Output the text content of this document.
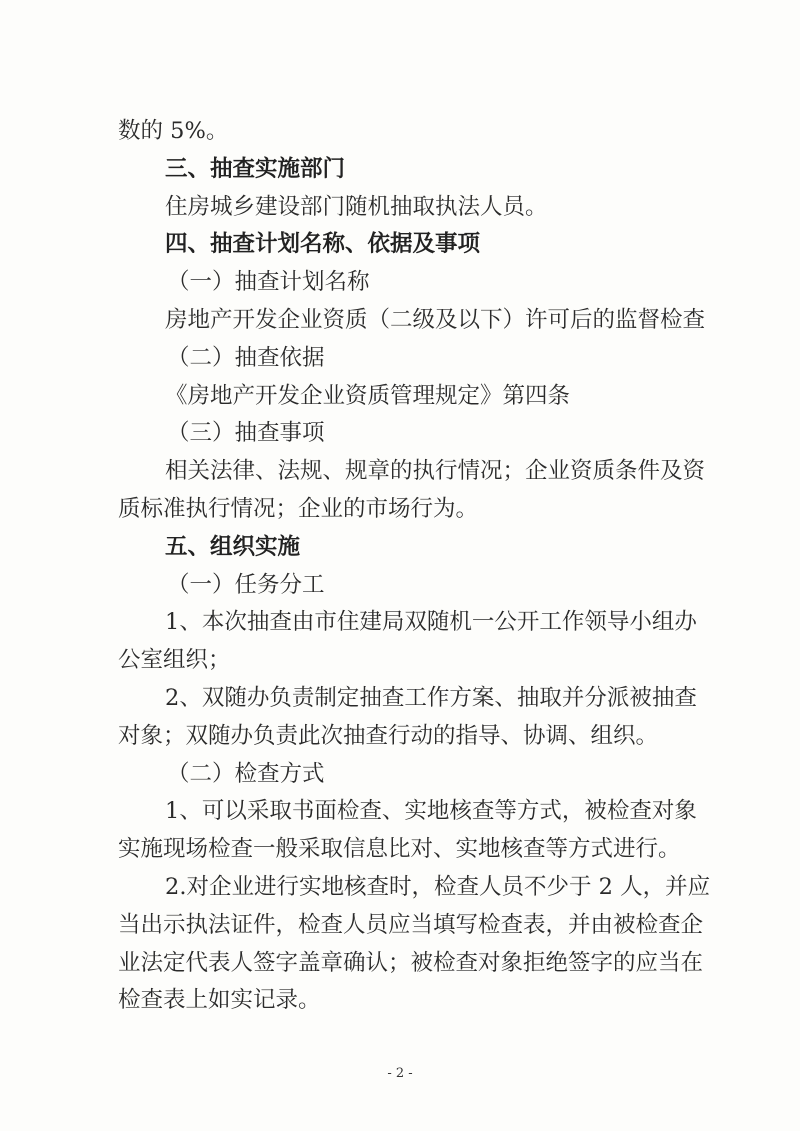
数的 5%。
三、抽查实施部门
住房城乡建设部门随机抽取执法人员。
四、抽查计划名称、依据及事项
（一）抽查计划名称
房地产开发企业资质（二级及以下）许可后的监督检查
（二）抽查依据
《房地产开发企业资质管理规定》第四条
（三）抽查事项
相关法律、法规、规章的执行情况；企业资质条件及资
质标准执行情况；企业的市场行为。
五、组织实施
（一）任务分工
1、本次抽查由市住建局双随机一公开工作领导小组办
公室组织；
2、双随办负责制定抽查工作方案、抽取并分派被抽查
对象；双随办负责此次抽查行动的指导、协调、组织。
（二）检查方式
1、可以采取书面检查、实地核查等方式，被检查对象
实施现场检查一般采取信息比对、实地核查等方式进行。
2.对企业进行实地核查时，检查人员不少于 2 人，并应
当出示执法证件，检查人员应当填写检查表，并由被检查企
业法定代表人签字盖章确认；被检查对象拒绝签字的应当在
检查表上如实记录。
- 2 -
